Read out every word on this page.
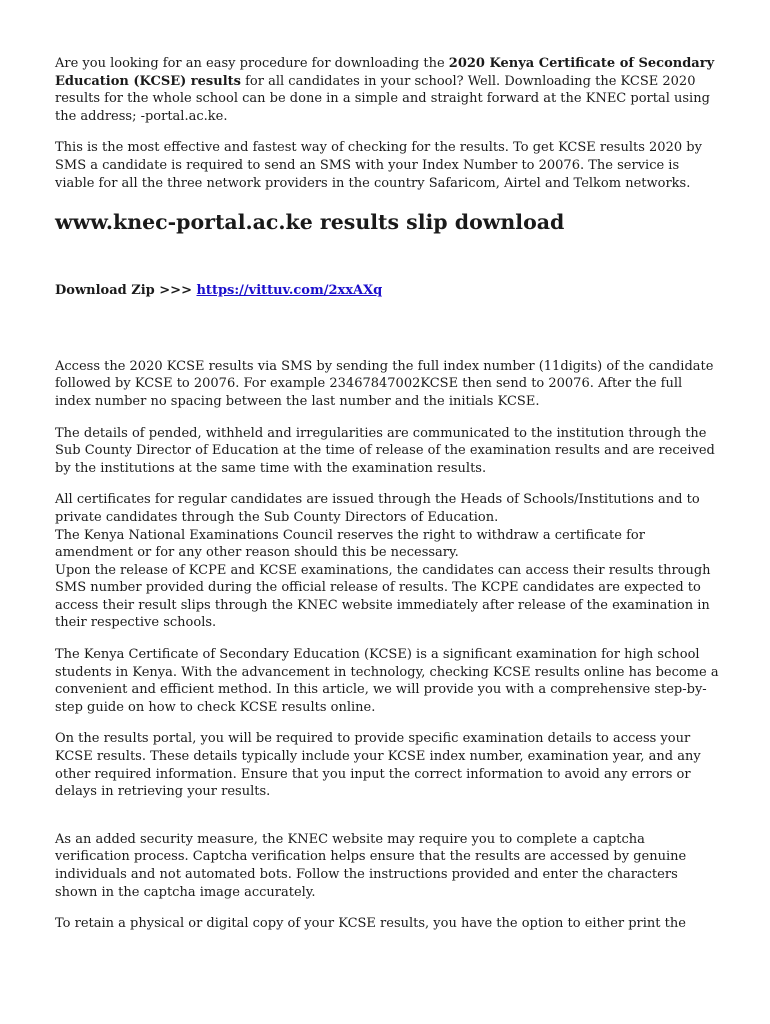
Are you looking for an easy procedure for downloading the 2020 Kenya Certificate of Secondary Education (KCSE) results for all candidates in your school? Well. Downloading the KCSE 2020 results for the whole school can be done in a simple and straight forward at the KNEC portal using the address; -portal.ac.ke.

This is the most effective and fastest way of checking for the results. To get KCSE results 2020 by SMS a candidate is required to send an SMS with your Index Number to 20076. The service is viable for all the three network providers in the country Safaricom, Airtel and Telkom networks.

www.knec-portal.ac.ke results slip download

Download Zip >>> https://vittuv.com/2xxAXq

Access the 2020 KCSE results via SMS by sending the full index number (11digits) of the candidate followed by KCSE to 20076. For example 23467847002KCSE then send to 20076. After the full index number no spacing between the last number and the initials KCSE.

The details of pended, withheld and irregularities are communicated to the institution through the Sub County Director of Education at the time of release of the examination results and are received by the institutions at the same time with the examination results.

All certificates for regular candidates are issued through the Heads of Schools/Institutions and to private candidates through the Sub County Directors of Education.

The Kenya National Examinations Council reserves the right to withdraw a certificate for amendment or for any other reason should this be necessary.

Upon the release of KCPE and KCSE examinations, the candidates can access their results through SMS number provided during the official release of results. The KCPE candidates are expected to access their result slips through the KNEC website immediately after release of the examination in their respective schools.

The Kenya Certificate of Secondary Education (KCSE) is a significant examination for high school students in Kenya. With the advancement in technology, checking KCSE results online has become a convenient and efficient method. In this article, we will provide you with a comprehensive step-by-step guide on how to check KCSE results online.

On the results portal, you will be required to provide specific examination details to access your KCSE results. These details typically include your KCSE index number, examination year, and any other required information. Ensure that you input the correct information to avoid any errors or delays in retrieving your results.

As an added security measure, the KNEC website may require you to complete a captcha verification process. Captcha verification helps ensure that the results are accessed by genuine individuals and not automated bots. Follow the instructions provided and enter the characters shown in the captcha image accurately.

To retain a physical or digital copy of your KCSE results, you have the option to either print the
